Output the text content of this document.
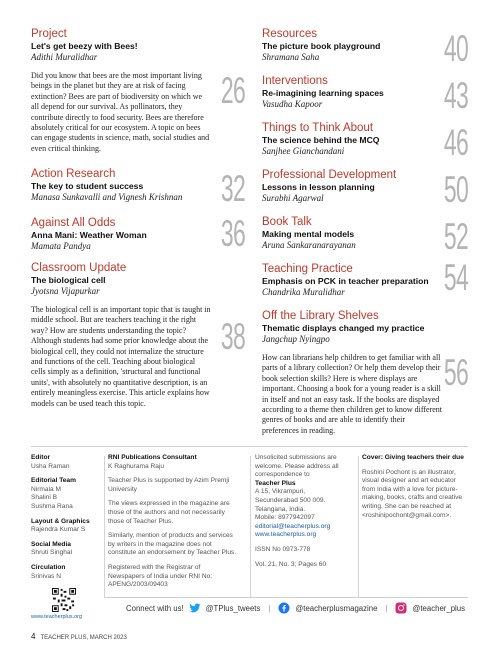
Project
Let's get beezy with Bees!
Adithi Muralidhar
Did you know that bees are the most important living beings in the planet but they are at risk of facing extinction? Bees are part of biodiversity on which we all depend for our survival. As pollinators, they contribute directly to food security. Bees are therefore absolutely critical for our ecosystem. A topic on bees can engage students in science, math, social studies and even critical thinking.
26
Action Research
The key to student success
Manasa Sunkavalli and Vignesh Krishnan	32
Against All Odds
Anna Mani: Weather Woman
Mamata Pandya	36
Classroom Update
The biological cell
Jyotsna Vijapurkar
The biological cell is an important topic that is taught in middle school. But are teachers teaching it the right way? How are students understanding the topic? Although students had some prior knowledge about the biological cell, they could not internalize the structure and functions of the cell. Teaching about biological cells simply as a definition, 'structural and functional units', with absolutely no quantitative description, is an entirely meaningless exercise. This article explains how models can be used teach this topic.
38
Resources
The picture book playground
Shramana Saha	40
Interventions
Re-imagining learning spaces
Vasudha Kapoor	43
Things to Think About
The science behind the MCQ
Sanjhee Gianchandani	46
Professional Development
Lessons in lesson planning
Surabhi Agarwal	50
Book Talk
Making mental models
Aruna Sankaranarayanan	52
Teaching Practice
Emphasis on PCK in teacher preparation
Chandrika Muralidhar	54
Off the Library Shelves
Thematic displays changed my practice
Jangchup Nyingpo
How can librarians help children to get familiar with all parts of a library collection? Or help them develop their book selection skills? Here is where displays are important. Choosing a book for a young reader is a skill in itself and not an easy task. If the books are displayed according to a theme then children get to know different genres of books and are able to identify their preferences in reading.
56

Editor
Usha Raman

Editorial Team
Nirmala M
Shalini B
Sushma Rana

Layout & Graphics
Rajendra Kumar S

Social Media
Shruti Singhal

Circulation
Srinivas N

RNI Publications Consultant
K Raghurama Raju

Teacher Plus is supported by Azim Premji University

The views expressed in the magazine are those of the authors and not necessarily those of Teacher Plus.

Similarly, mention of products and services by writers in the magazine does not constitute an endorsement by Teacher Plus.

Registered with the Registrar of Newspapers of India under RNI No: APENG/2003/09403

Unsolicited submissions are welcome. Please address all correspondence to
Teacher Plus
A 15, Vikrampuri,
Secunderabad 500 009.
Telangana, India.
Mobile: 8977942097
editorial@teacherplus.org
www.teacherplus.org

ISSN No 0973-778

Vol. 21, No. 3; Pages 60

Cover: Giving teachers their due

Roshini Pochont is an illustrator, visual designer and art educator from India with a love for picture-making, books, crafts and creative writing. She can be reached at <roshinipochont@gmail.com>.

www.teacherplus.org
Connect with us!	@TPlus_tweets |	@teacherplusmagazine |	@teacher_plus
4 TEACHER PLUS, MARCH 2023
